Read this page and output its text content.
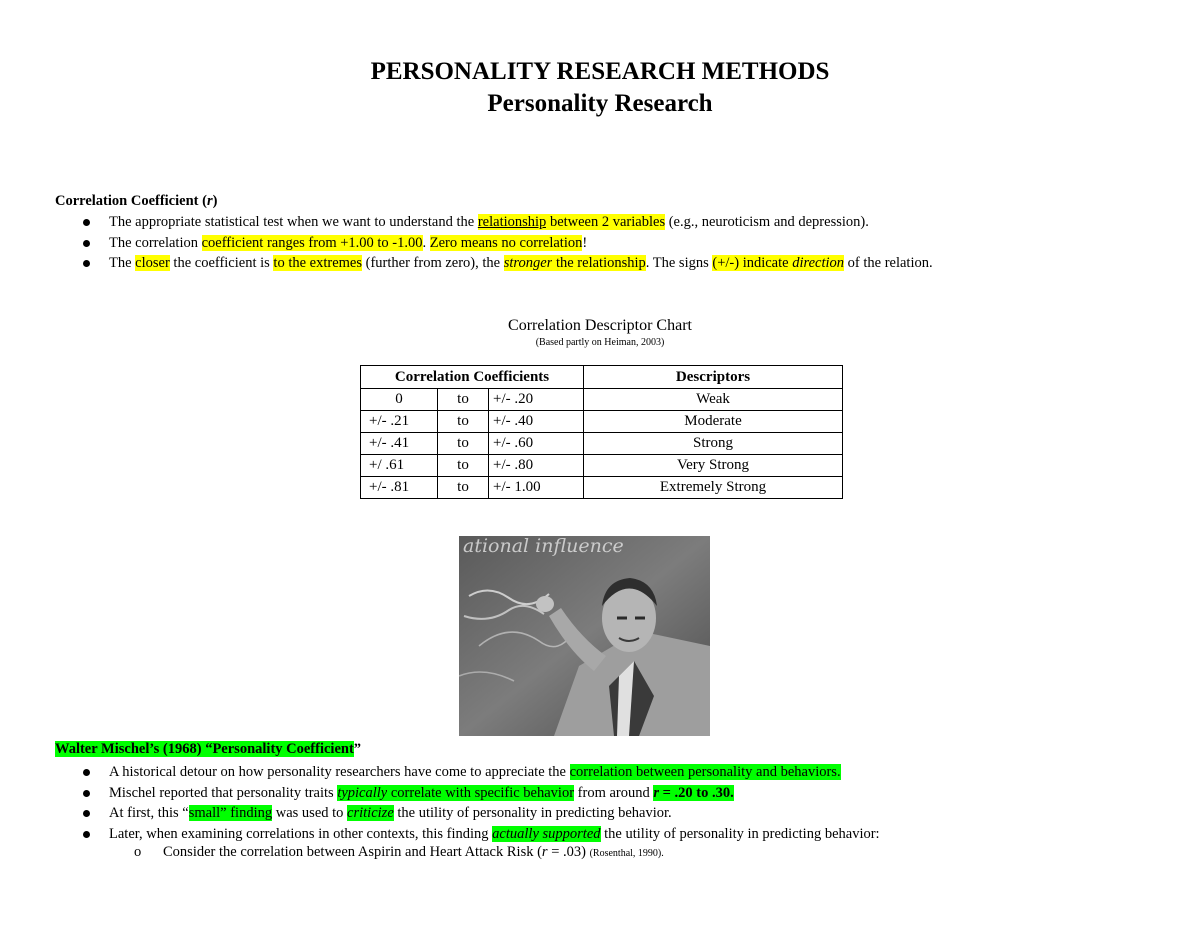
PERSONALITY RESEARCH METHODS
Personality Research
Correlation Coefficient (r)
The appropriate statistical test when we want to understand the relationship between 2 variables (e.g., neuroticism and depression).
The correlation coefficient ranges from +1.00 to -1.00. Zero means no correlation!
The closer the coefficient is to the extremes (further from zero), the stronger the relationship. The signs (+/-) indicate direction of the relation.
Correlation Descriptor Chart
(Based partly on Heiman, 2003)
Correlation Coefficients			Descriptors
0	to	+/- .20	Weak
+/- .21	to	+/- .40	Moderate
+/- .41	to	+/- .60	Strong
+/ .61	to	+/- .80	Very Strong
+/- .81	to	+/- 1.00	Extremely Strong
ational influence
Walter Mischel’s (1968) “Personality Coefficient”
A historical detour on how personality researchers have come to appreciate the correlation between personality and behaviors.
Mischel reported that personality traits typically correlate with specific behavior from around r = .20 to .30.
At first, this “small” finding was used to criticize the utility of personality in predicting behavior.
Later, when examining correlations in other contexts, this finding actually supported the utility of personality in predicting behavior:
o Consider the correlation between Aspirin and Heart Attack Risk (r = .03) (Rosenthal, 1990).
